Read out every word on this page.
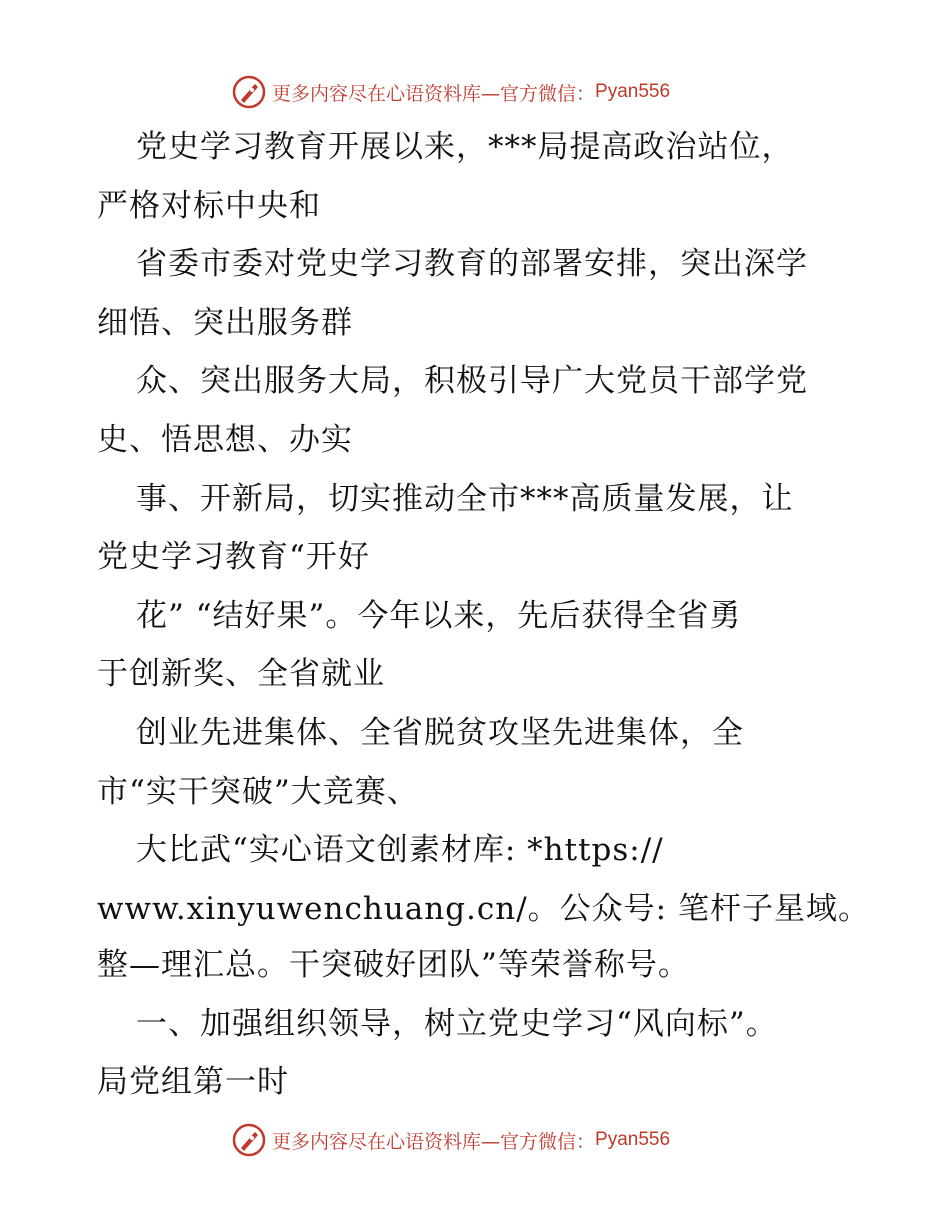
更多内容尽在心语资料库—官方微信： Pyan556
党史学习教育开展以来，***局提高政治站位，
严格对标中央和
省委市委对党史学习教育的部署安排，突出深学
细悟、突出服务群
众、突出服务大局，积极引导广大党员干部学党
史、悟思想、办实
事、开新局，切实推动全市***高质量发展，让
党史学习教育“开好
花” “结好果”。今年以来，先后获得全省勇
于创新奖、全省就业
创业先进集体、全省脱贫攻坚先进集体，全
市“实干突破”大竞赛、
大比武“实心语文创素材库: *https://
www.xinyuwenchuang.cn/。公众号: 笔杆子星域。
整—理汇总。干突破好团队”等荣誉称号。
一、加强组织领导，树立党史学习“风向标”。
局党组第一时
更多内容尽在心语资料库—官方微信： Pyan556
